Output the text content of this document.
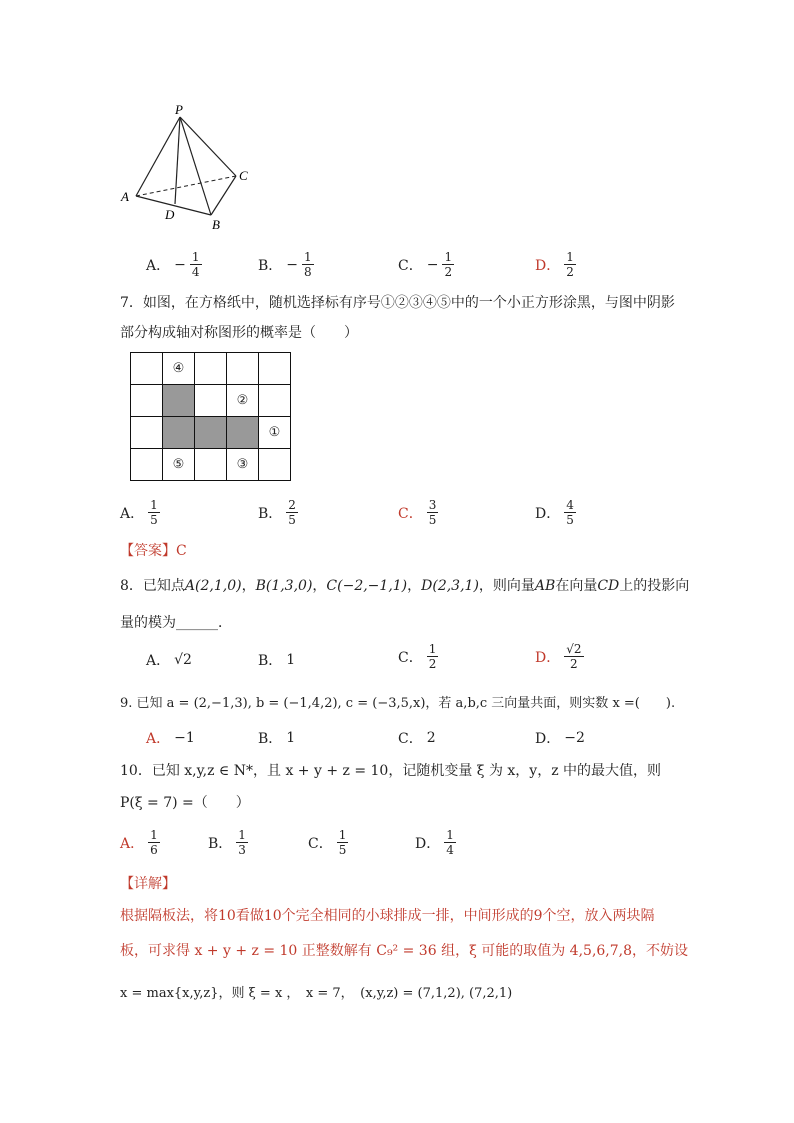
P
A
B
C
D
A． − $\frac{1}{4}$	B． − $\frac{1}{8}$	C． − $\frac{1}{2}$	D． $\frac{1}{2}$
7．如图，在方格纸中，随机选择标有序号①②③④⑤中的一个小正方形涂黑，与图中阴影
部分构成轴对称图形的概率是（　　）
	④			
			②	
				①
	⑤		③	
A． $\frac{1}{5}$	B． $\frac{2}{5}$	C． $\frac{3}{5}$	D． $\frac{4}{5}$
【答案】C
8．已知点A(2,1,0)，B(1,3,0)，C(−2,−1,1)，D(2,3,1)，则向量AB在向量CD上的投影向
量的模为______．
A． √2	B． 1	C． $\frac{1}{2}$	D． $\frac{√2}{2}$
9. 已知 a = (2,−1,3), b = (−1,4,2), c = (−3,5,x)，若 a,b,c 三向量共面，则实数 x =(　　).
A． −1	B． 1	C． 2	D． −2
10．已知 x,y,z ∈ N*，且 x + y + z = 10，记随机变量 ξ 为 x，y，z 中的最大值，则
P(ξ = 7) =（　　）
A． $\frac{1}{6}$	B． $\frac{1}{3}$	C． $\frac{1}{5}$	D． $\frac{1}{4}$
【详解】
根据隔板法，将10看做10个完全相同的小球排成一排，中间形成的9个空，放入两块隔
板，可求得 x + y + z = 10 正整数解有 C₉² = 36 组，ξ 可能的取值为 4,5,6,7,8，不妨设
x = max{x,y,z}，则 ξ = x ，　x = 7，　(x,y,z) = (7,1,2), (7,2,1)
